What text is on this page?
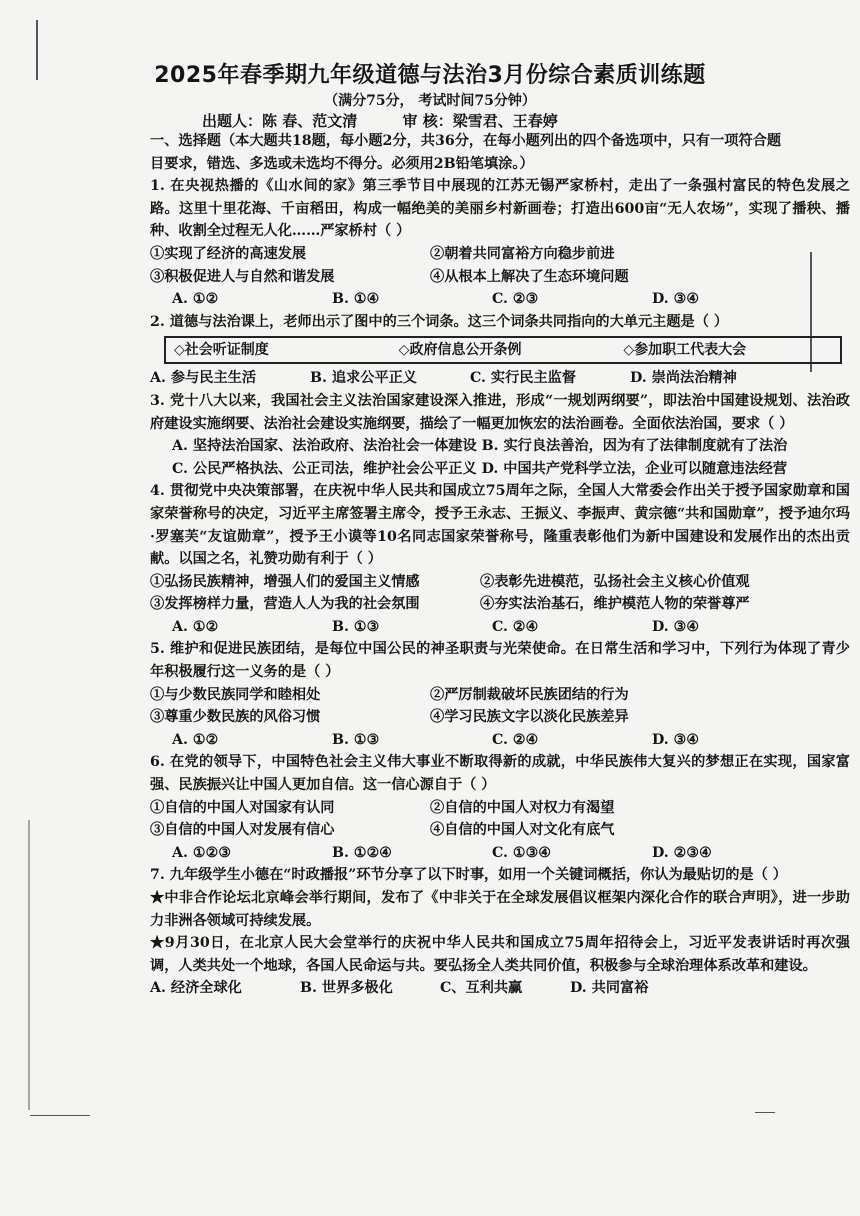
2025年春季期九年级道德与法治3月份综合素质训练题
（满分75分， 考试时间75分钟）
出题人：陈 春、范文清	审 核：梁雪君、王春婷
一、选择题（本大题共18题，每小题2分，共36分，在每小题列出的四个备选项中，只有一项符合题
目要求，错选、多选或未选均不得分。必须用2B铅笔填涂。）
1. 在央视热播的《山水间的家》第三季节目中展现的江苏无锡严家桥村，走出了一条强村富民的特色发展之路。这里十里花海、千亩稻田，构成一幅绝美的美丽乡村新画卷；打造出600亩“无人农场”，实现了播秧、播种、收割全过程无人化……严家桥村（ ）
①实现了经济的高速发展	②朝着共同富裕方向稳步前进
③积极促进人与自然和谐发展	④从根本上解决了生态环境问题
A. ①②	B. ①④	C. ②③	D. ③④
2. 道德与法治课上，老师出示了图中的三个词条。这三个词条共同指向的大单元主题是（ ）
◇社会听证制度	◇政府信息公开条例	◇参加职工代表大会
A. 参与民主生活	B. 追求公平正义	C. 实行民主监督	D. 崇尚法治精神
3. 党十八大以来，我国社会主义法治国家建设深入推进，形成“一规划两纲要”，即法治中国建设规划、法治政府建设实施纲要、法治社会建设实施纲要，描绘了一幅更加恢宏的法治画卷。全面依法治国，要求（ ）
A. 坚持法治国家、法治政府、法治社会一体建设 B. 实行良法善治，因为有了法律制度就有了法治
C. 公民严格执法、公正司法，维护社会公平正义 D. 中国共产党科学立法，企业可以随意违法经营
4. 贯彻党中央决策部署，在庆祝中华人民共和国成立75周年之际，全国人大常委会作出关于授予国家勋章和国家荣誉称号的决定，习近平主席签署主席令，授予王永志、王振义、李振声、黄宗德“共和国勋章”，授予迪尔玛·罗塞芙“友谊勋章”，授予王小谟等10名同志国家荣誉称号，隆重表彰他们为新中国建设和发展作出的杰出贡献。以国之名，礼赞功勋有利于（ ）
①弘扬民族精神，增强人们的爱国主义情感	②表彰先进模范，弘扬社会主义核心价值观
③发挥榜样力量，营造人人为我的社会氛围	④夯实法治基石，维护模范人物的荣誉尊严
A. ①②	B. ①③	C. ②④	D. ③④
5. 维护和促进民族团结，是每位中国公民的神圣职责与光荣使命。在日常生活和学习中，下列行为体现了青少年积极履行这一义务的是（ ）
①与少数民族同学和睦相处	②严厉制裁破坏民族团结的行为
③尊重少数民族的风俗习惯	④学习民族文字以淡化民族差异
A. ①②	B. ①③	C. ②④	D. ③④
6. 在党的领导下，中国特色社会主义伟大事业不断取得新的成就，中华民族伟大复兴的梦想正在实现，国家富强、民族振兴让中国人更加自信。这一信心源自于（ ）
①自信的中国人对国家有认同	②自信的中国人对权力有渴望
③自信的中国人对发展有信心	④自信的中国人对文化有底气
A. ①②③	B. ①②④	C. ①③④	D. ②③④
7. 九年级学生小德在“时政播报”环节分享了以下时事，如用一个关键词概括，你认为最贴切的是（ ）
★中非合作论坛北京峰会举行期间，发布了《中非关于在全球发展倡议框架内深化合作的联合声明》，进一步助力非洲各领域可持续发展。
★9月30日，在北京人民大会堂举行的庆祝中华人民共和国成立75周年招待会上，习近平发表讲话时再次强调，人类共处一个地球，各国人民命运与共。要弘扬全人类共同价值，积极参与全球治理体系改革和建设。
A. 经济全球化	B. 世界多极化	C、互利共赢	D. 共同富裕
